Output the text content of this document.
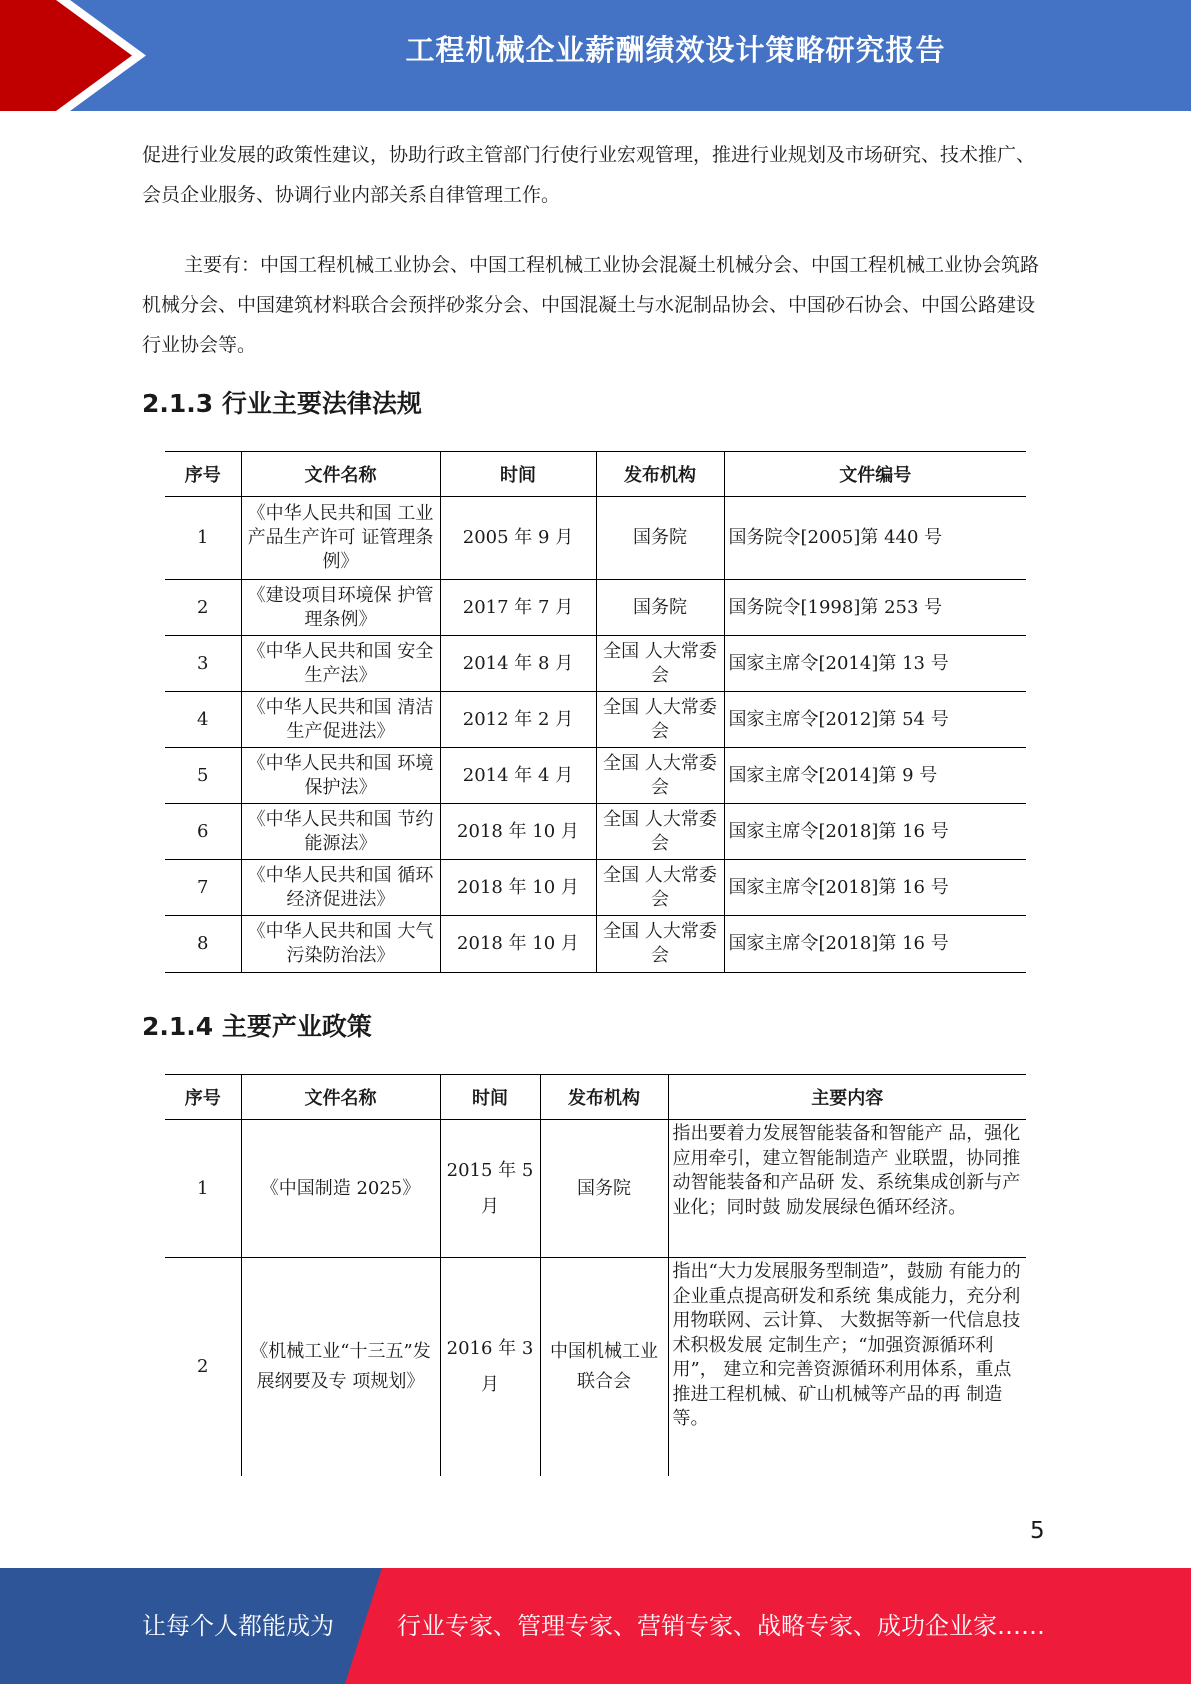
工程机械企业薪酬绩效设计策略研究报告

促进行业发展的政策性建议，协助行政主管部门行使行业宏观管理，推进行业规划及市场研究、技术推广、会员企业服务、协调行业内部关系自律管理工作。

主要有：中国工程机械工业协会、中国工程机械工业协会混凝土机械分会、中国工程机械工业协会筑路机械分会、中国建筑材料联合会预拌砂浆分会、中国混凝土与水泥制品协会、中国砂石协会、中国公路建设行业协会等。

2.1.3 行业主要法律法规
序号	文件名称	时间	发布机构	文件编号
1	《中华人民共和国 工业产品生产许可 证管理条例》	2005 年 9 月	国务院	国务院令[2005]第 440 号
2	《建设项目环境保 护管理条例》	2017 年 7 月	国务院	国务院令[1998]第 253 号
3	《中华人民共和国 安全生产法》	2014 年 8 月	全国 人大常委会	国家主席令[2014]第 13 号
4	《中华人民共和国 清洁生产促进法》	2012 年 2 月	全国 人大常委会	国家主席令[2012]第 54 号
5	《中华人民共和国 环境保护法》	2014 年 4 月	全国 人大常委会	国家主席令[2014]第 9 号
6	《中华人民共和国 节约能源法》	2018 年 10 月	全国 人大常委会	国家主席令[2018]第 16 号
7	《中华人民共和国 循环经济促进法》	2018 年 10 月	全国 人大常委会	国家主席令[2018]第 16 号
8	《中华人民共和国 大气污染防治法》	2018 年 10 月	全国 人大常委会	国家主席令[2018]第 16 号
2.1.4 主要产业政策
序号	文件名称	时间	发布机构	主要内容
1	《中国制造 2025》	2015 年 5 月	国务院	指出要着力发展智能装备和智能产 品，强化应用牵引，建立智能制造产 业联盟，协同推动智能装备和产品研 发、系统集成创新与产业化；同时鼓 励发展绿色循环经济。
2	《机械工业“十三五”发展纲要及专 项规划》	2016 年 3 月	中国机械工业联合会	指出“大力发展服务型制造”，鼓励 有能力的企业重点提高研发和系统 集成能力，充分利用物联网、云计算、 大数据等新一代信息技术积极发展 定制生产；“加强资源循环利用”， 建立和完善资源循环利用体系，重点 推进工程机械、矿山机械等产品的再 制造等。
5
让每个人都能成为	行业专家、管理专家、营销专家、战略专家、成功企业家……
